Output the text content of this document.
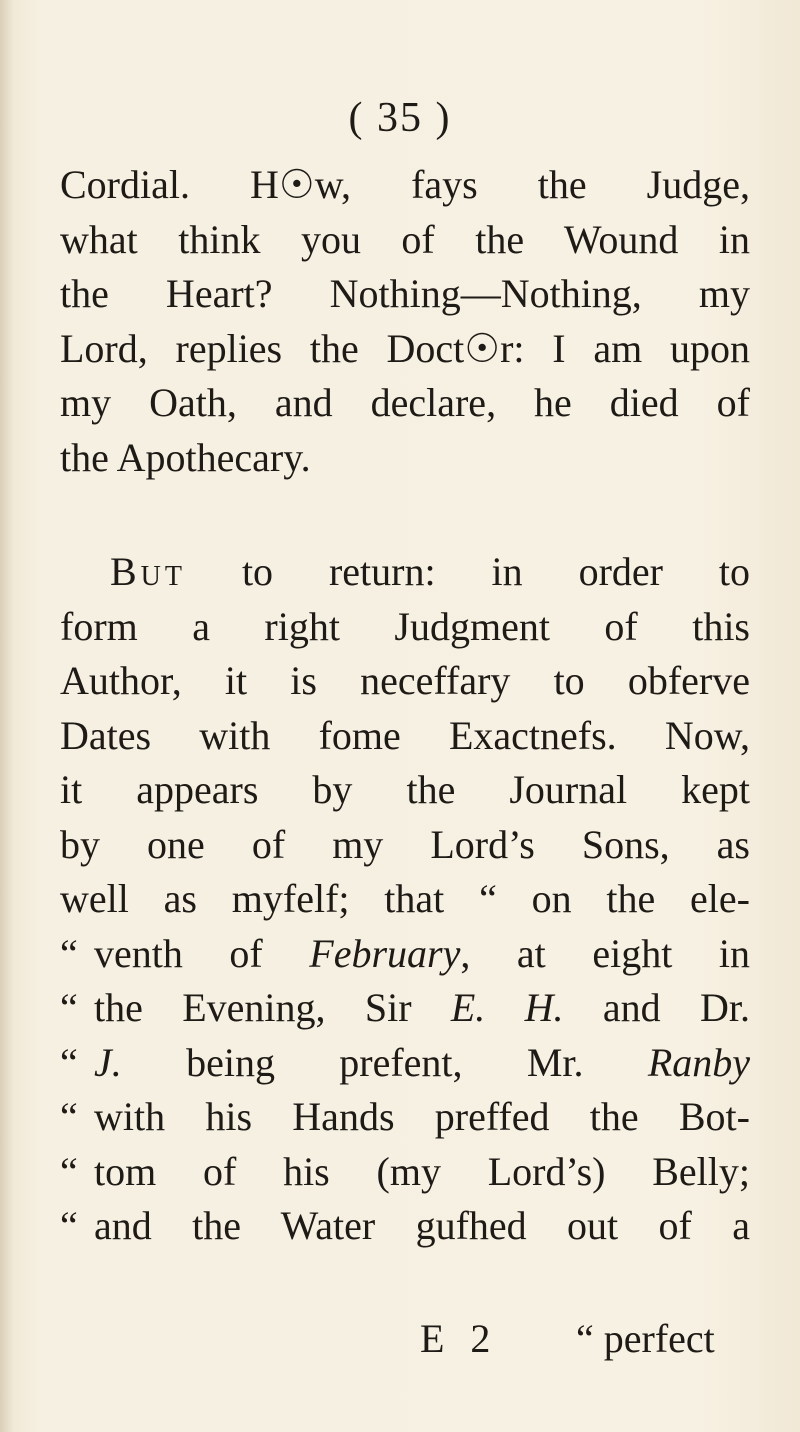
( 35 )
Cordial. H☉w, fays the Judge,
what think you of the Wound in
the Heart? Nothing—Nothing, my
Lord, replies the Doct☉r: I am upon
my Oath, and declare, he died of
the Apothecary.
But to return: in order to
form a right Judgment of this
Author, it is neceffary to obferve
Dates with fome Exactnefs. Now,
it appears by the Journal kept
by one of my Lord’s Sons, as
well as myfelf; that “ on the ele-
“ venth of February, at eight in
“ the Evening, Sir E. H. and Dr.
“ J. being prefent, Mr. Ranby
“ with his Hands preffed the Bot-
“ tom of his (my Lord’s) Belly;
“ and the Water gufhed out of a
E 2 “ perfect
